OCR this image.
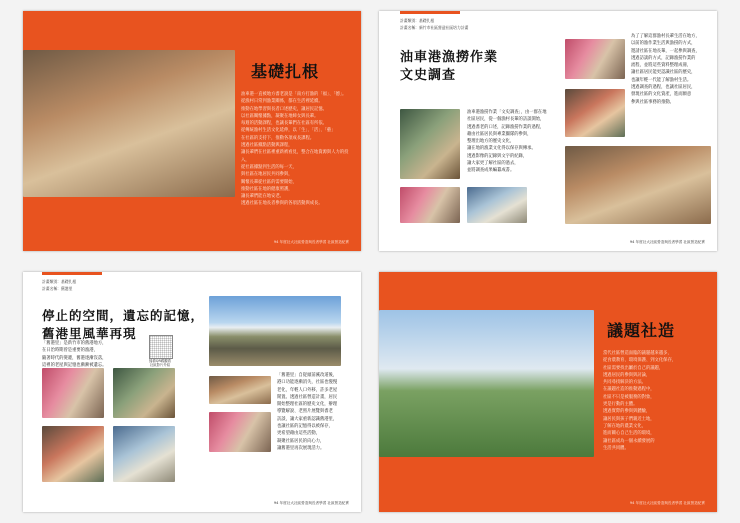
基礎扎根
油車港一直被地方耆老說是「南方打漁的「福」、「德」。
從漁村日常到漁業關係，都在生活裡延續。
推動在地學習與長者口述歷史，讓居民記憶。
以社區關懷據點，凝聚在地婦女與長輩。
每週的活動課程，也讓長輩們在社區有所依。
從傳統漁村生活文化延伸，以「生」、「活」、「藝」
在社區的支持下，推動各項成長課程。
透過社區據點活動與課程，
讓長輩們在社區裡重新被看見，整合在地資源與人力的投入，
從社區據點到生活的每一天，
與社區在地居民共同參與，
關懷長輩從社區的需要開始，
推動社區在地的健康照護，
讓長輩們能在地安老。
透過社區在地長者參與的各項活動與成長。
94 年度社大社區營造與長者學習 社區營造紀實
計畫類別：基礎扎根
計畫名稱：新竹市社區營造社區培力計畫
油車港漁撈作業
文史調查
油車港漁撈作業「文史調查」，由一群在地
社區居民，從一個漁村長輩的訪談開始，
透過耆老的口述，記錄漁撈作業的過程，
藉由社區居民與專業團隊的參與，
整理出地方的歷史文化，
讓在地的漁業文化得以保存與傳承。
透過影像的記錄與文字的紀錄，
讓大家更了解社區的過去，
並將調查成果編纂成書。
為了了解這群漁村長輩生活在地方，
以前的漁作業生活與漁撈的方式，
邀請社區在地長輩，一起參與調查，
透過訪談的方式，記錄漁撈作業的
流程，並將這些資料整理成冊，
讓社區居民能更認識社區的歷史，
也讓年輕一代能了解漁村生活。
透過調查的過程，也讓社區居民，
發現社區的文化資產，進而願意
參與社區事務的推動。
94 年度社大社區營造與長者學習 社區營造紀實
計畫類別：基礎扎根
計畫名稱：舊港里
停止的空間，遺忘的記憶，
舊港里風華再現
掃描QR碼觀看
社區影片介紹
「舊港里」是新竹市的舊港地方，
在日治時期曾是重要的漁港，
隨著時代的變遷，舊港逐漸沒落，
這裡的老屋與記憶也漸漸被遺忘。

「舊港里」自從頭前溪改道後，
港口功能逐漸消失，社區也慢慢
老化，年輕人口外移，許多老屋
閒置。透過社區營造計畫，居民
開始整理社區的歷史文化，辦理
導覽解說、老照片展覽與耆老
訪談，讓大家重新認識舊港里，
也讓社區的記憶得以被保存，
更希望藉由這些活動，
凝聚社區居民的向心力，
讓舊港里再次展現活力。
94 年度社大社區營造與長者學習 社區營造紀實
議題社造
當代社區營造面臨的議題越來越多，
從食農教育、環境保護、到文化保存，
社區需要找出屬於自己的議題，
透過居民的參與與討論，
共同尋找解決的方法。
在議題社造的推動過程中，
社區不只是被服務的對象，
更是行動的主體。
透過實際的參與與體驗，
讓居民與孩子們親近土地，
了解在地的農業文化，
進而關心自己生活的環境，
讓社區成為一個永續發展的
生活共同體。
94 年度社大社區營造與長者學習 社區營造紀實
